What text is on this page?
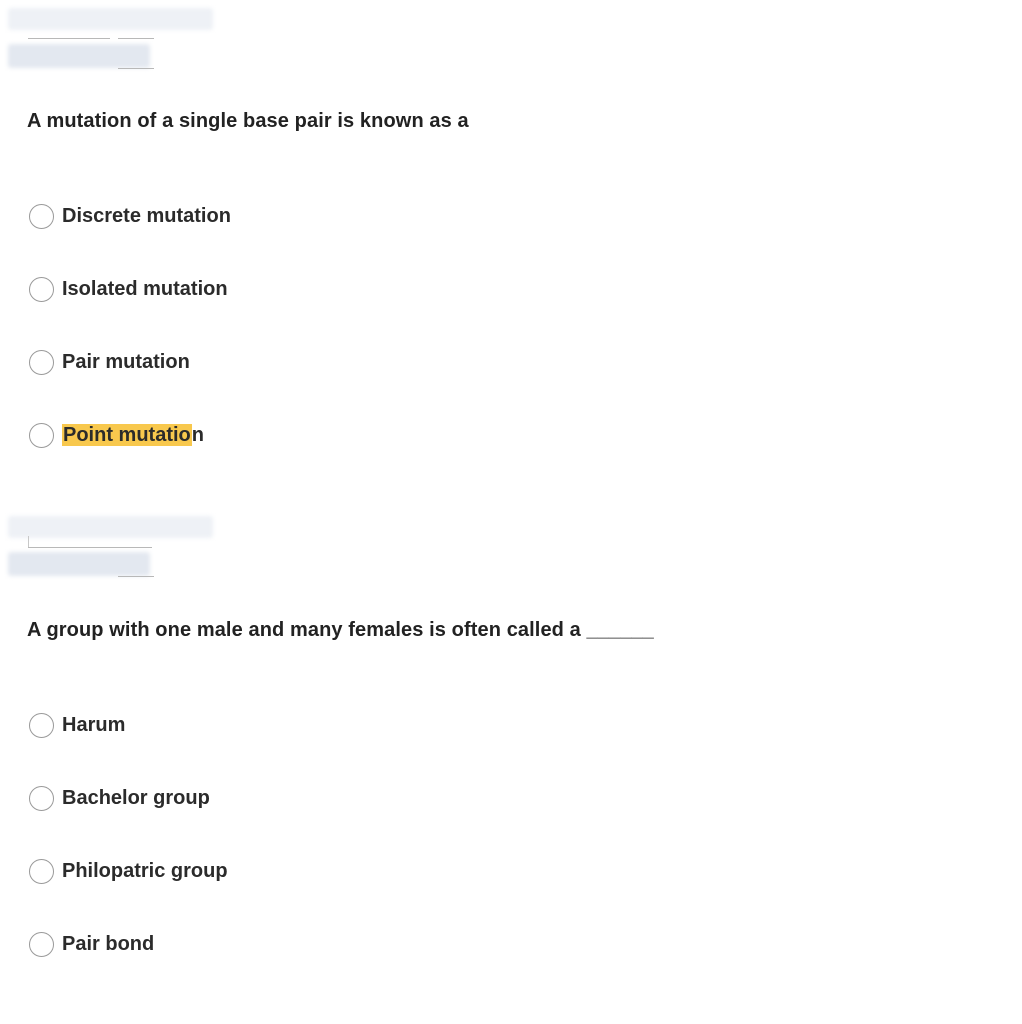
A mutation of a single base pair is known as a
Discrete mutation
Isolated mutation
Pair mutation
Point mutation
A group with one male and many females is often called a ______
Harum
Bachelor group
Philopatric group
Pair bond
